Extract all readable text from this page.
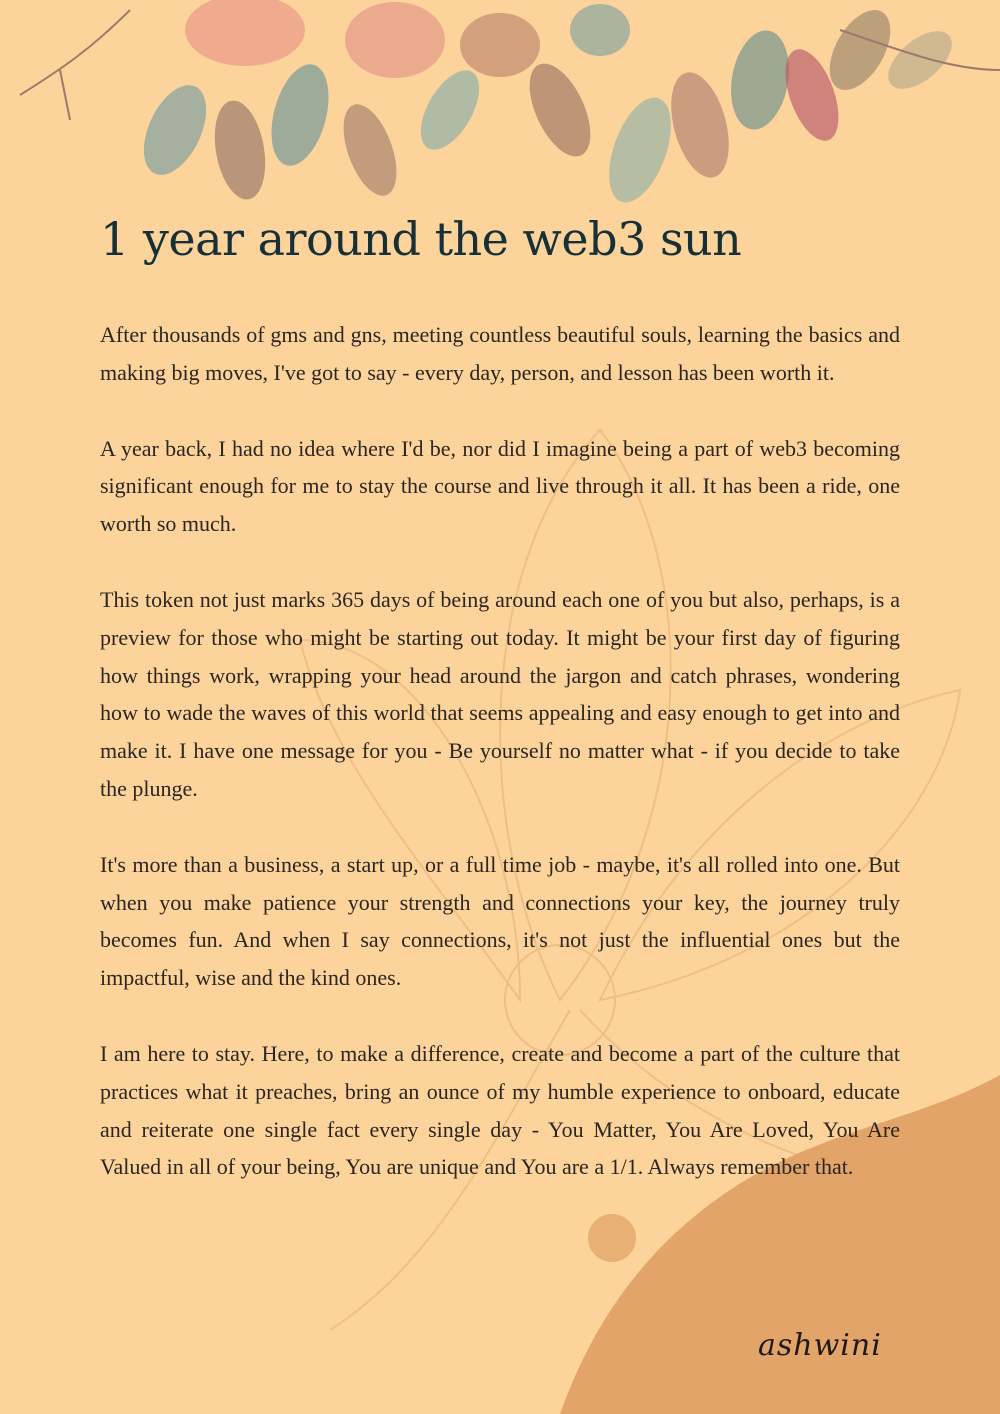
1 year around the web3 sun

After thousands of gms and gns, meeting countless beautiful souls, learning the basics and making big moves, I've got to say - every day, person, and lesson has been worth it.

A year back, I had no idea where I'd be, nor did I imagine being a part of web3 becoming significant enough for me to stay the course and live through it all. It has been a ride, one worth so much.

This token not just marks 365 days of being around each one of you but also, perhaps, is a preview for those who might be starting out today. It might be your first day of figuring how things work, wrapping your head around the jargon and catch phrases, wondering how to wade the waves of this world that seems appealing and easy enough to get into and make it. I have one message for you - Be yourself no matter what - if you decide to take the plunge.

It's more than a business, a start up, or a full time job - maybe, it's all rolled into one. But when you make patience your strength and connections your key, the journey truly becomes fun. And when I say connections, it's not just the influential ones but the impactful, wise and the kind ones.

I am here to stay. Here, to make a difference, create and become a part of the culture that practices what it preaches, bring an ounce of my humble experience to onboard, educate and reiterate one single fact every single day - You Matter, You Are Loved, You Are Valued in all of your being, You are unique and You are a 1/1. Always remember that.

ashwini
